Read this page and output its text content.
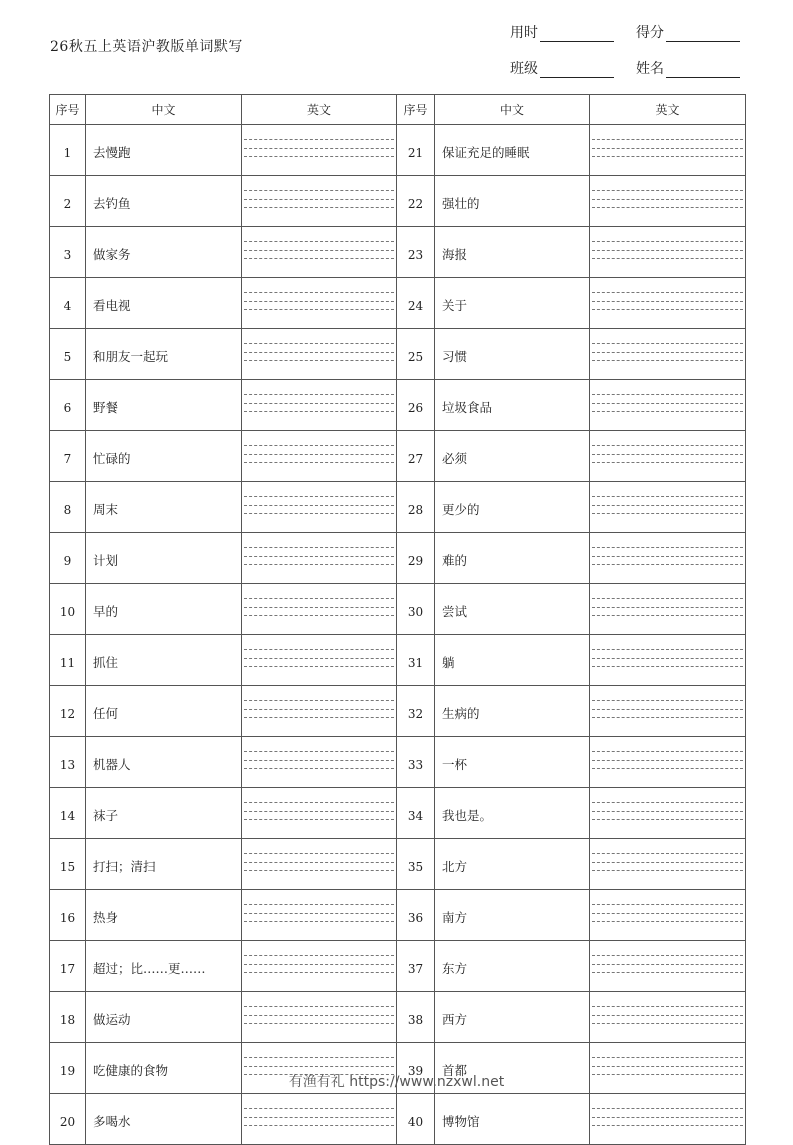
26秋五上英语沪教版单词默写
用时	得分
班级	姓名
序号	中文	英文	序号	中文	英文
1	去慢跑		21	保证充足的睡眠	

2	去钓鱼		22	强壮的	

3	做家务		23	海报	

4	看电视		24	关于	

5	和朋友一起玩		25	习惯	

6	野餐		26	垃圾食品	

7	忙碌的		27	必须	

8	周末		28	更少的	

9	计划		29	难的	

10	早的		30	尝试	

11	抓住		31	躺	

12	任何		32	生病的	

13	机器人		33	一杯	

14	袜子		34	我也是。	

15	打扫；清扫		35	北方	

16	热身		36	南方	

17	超过；比……更……		37	东方	

18	做运动		38	西方	

19	吃健康的食物		39	首都	

20	多喝水		40	博物馆	
有渔有礼 https://www.nzxwl.net
